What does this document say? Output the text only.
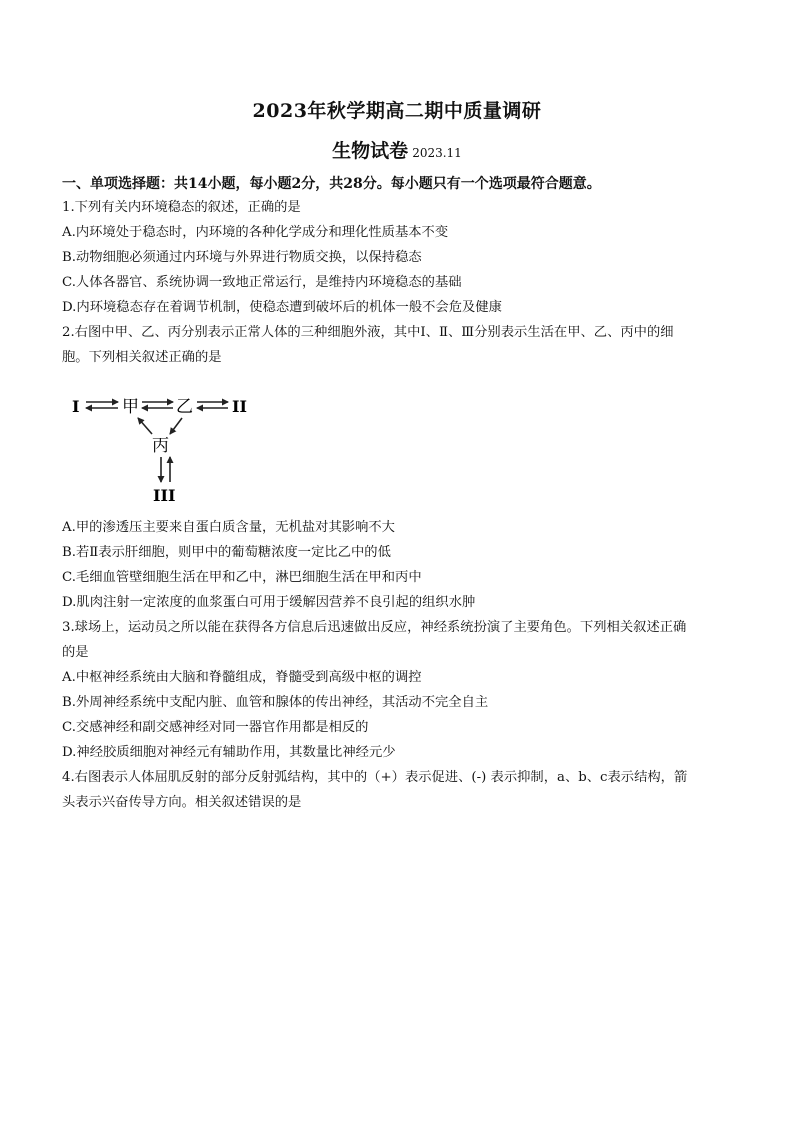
2023年秋学期高二期中质量调研
生物试卷 2023.11
一、单项选择题：共14小题，每小题2分，共28分。每小题只有一个选项最符合题意。
1.下列有关内环境稳态的叙述，正确的是
A.内环境处于稳态时，内环境的各种化学成分和理化性质基本不变
B.动物细胞必须通过内环境与外界进行物质交换，以保持稳态
C.人体各器官、系统协调一致地正常运行，是维持内环境稳态的基础
D.内环境稳态存在着调节机制，使稳态遭到破坏后的机体一般不会危及健康
2.右图中甲、乙、丙分别表示正常人体的三种细胞外液，其中Ⅰ、Ⅱ、Ⅲ分别表示生活在甲、乙、丙中的细
胞。下列相关叙述正确的是
I	甲 乙 II
丙
III
A.甲的渗透压主要来自蛋白质含量，无机盐对其影响不大
B.若Ⅱ表示肝细胞，则甲中的葡萄糖浓度一定比乙中的低
C.毛细血管壁细胞生活在甲和乙中，淋巴细胞生活在甲和丙中
D.肌肉注射一定浓度的血浆蛋白可用于缓解因营养不良引起的组织水肿
3.球场上，运动员之所以能在获得各方信息后迅速做出反应，神经系统扮演了主要角色。下列相关叙述正确
的是
A.中枢神经系统由大脑和脊髓组成，脊髓受到高级中枢的调控
B.外周神经系统中支配内脏、血管和腺体的传出神经，其活动不完全自主
C.交感神经和副交感神经对同一器官作用都是相反的
D.神经胶质细胞对神经元有辅助作用，其数量比神经元少
4.右图表示人体屈肌反射的部分反射弧结构，其中的（+）表示促进、(-) 表示抑制，a、b、c表示结构，箭
头表示兴奋传导方向。相关叙述错误的是
